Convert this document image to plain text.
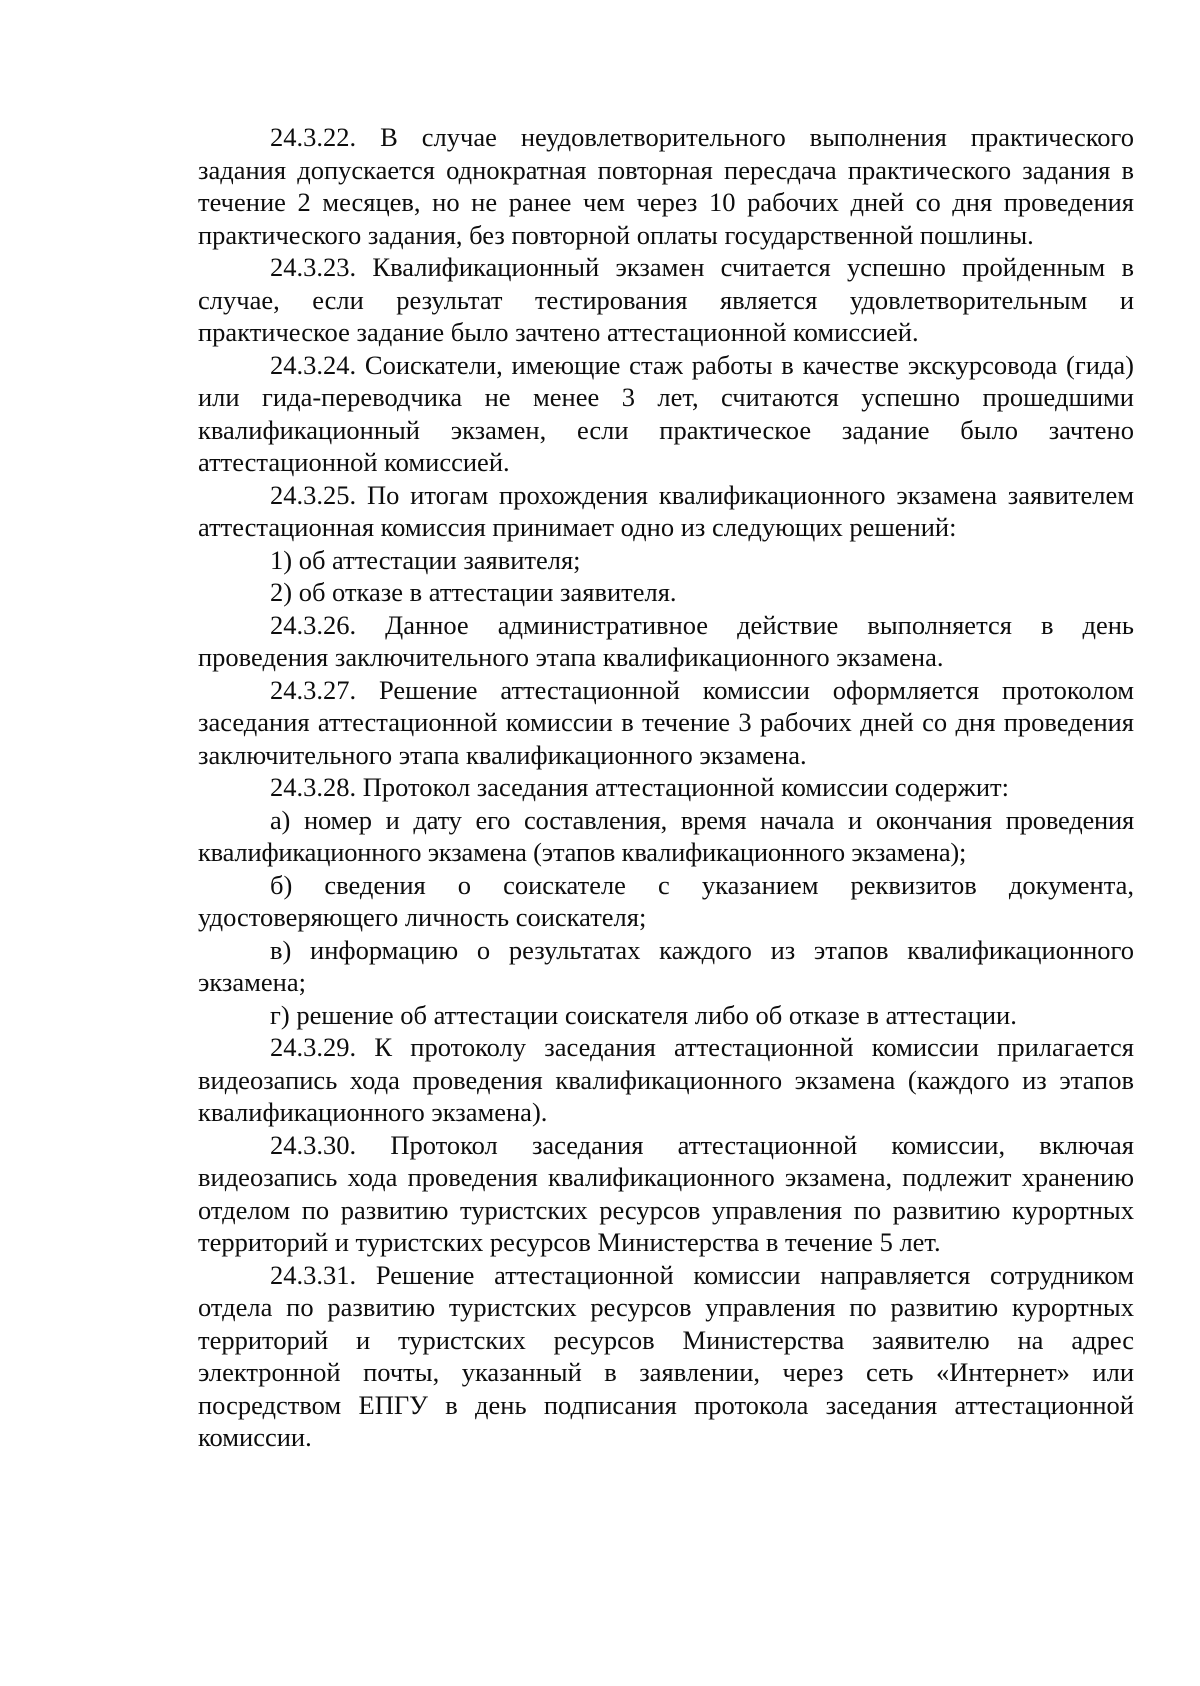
24.3.22. В случае неудовлетворительного выполнения практического задания допускается однократная повторная пересдача практического задания в течение 2 месяцев, но не ранее чем через 10 рабочих дней со дня проведения практического задания, без повторной оплаты государственной пошлины.

24.3.23. Квалификационный экзамен считается успешно пройденным в случае, если результат тестирования является удовлетворительным и практическое задание было зачтено аттестационной комиссией.

24.3.24. Соискатели, имеющие стаж работы в качестве экскурсовода (гида) или гида-переводчика не менее 3 лет, считаются успешно прошедшими квалификационный экзамен, если практическое задание было зачтено аттестационной комиссией.

24.3.25. По итогам прохождения квалификационного экзамена заявителем аттестационная комиссия принимает одно из следующих решений:

1) об аттестации заявителя;

2) об отказе в аттестации заявителя.

24.3.26. Данное административное действие выполняется в день проведения заключительного этапа квалификационного экзамена.

24.3.27. Решение аттестационной комиссии оформляется протоколом заседания аттестационной комиссии в течение 3 рабочих дней со дня проведения заключительного этапа квалификационного экзамена.

24.3.28. Протокол заседания аттестационной комиссии содержит:

а) номер и дату его составления, время начала и окончания проведения квалификационного экзамена (этапов квалификационного экзамена);

б) сведения о соискателе с указанием реквизитов документа, удостоверяющего личность соискателя;

в) информацию о результатах каждого из этапов квалификационного экзамена;

г) решение об аттестации соискателя либо об отказе в аттестации.

24.3.29. К протоколу заседания аттестационной комиссии прилагается видеозапись хода проведения квалификационного экзамена (каждого из этапов квалификационного экзамена).

24.3.30. Протокол заседания аттестационной комиссии, включая видеозапись хода проведения квалификационного экзамена, подлежит хранению отделом по развитию туристских ресурсов управления по развитию курортных территорий и туристских ресурсов Министерства в течение 5 лет.

24.3.31. Решение аттестационной комиссии направляется сотрудником отдела по развитию туристских ресурсов управления по развитию курортных территорий и туристских ресурсов Министерства заявителю на адрес электронной почты, указанный в заявлении, через сеть «Интернет» или посредством ЕПГУ в день подписания протокола заседания аттестационной комиссии.
